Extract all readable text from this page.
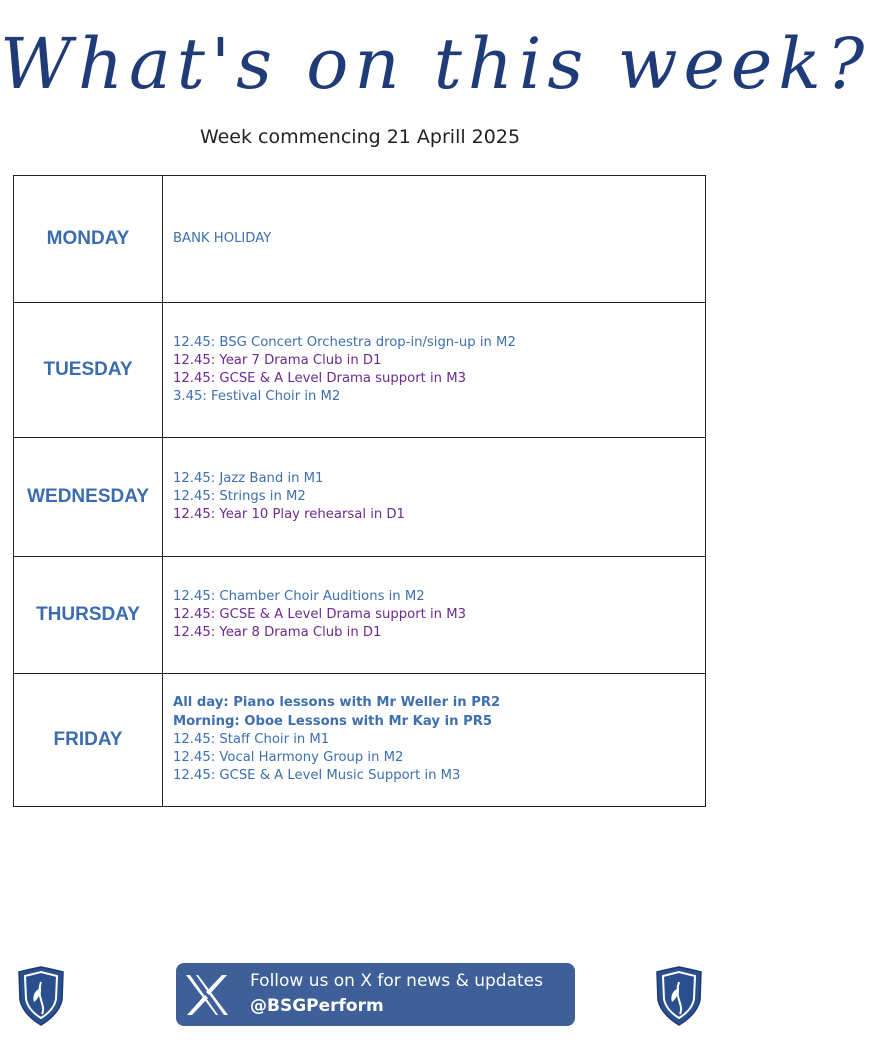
What's on this week?
Week commencing 21 Aprill 2025
MONDAY	BANK HOLIDAY

TUESDAY	12.45: BSG Concert Orchestra drop-in/sign-up in M2
12.45: Year 7 Drama Club in D1
12.45: GCSE & A Level Drama support in M3
3.45: Festival Choir in M2

WEDNESDAY	12.45: Jazz Band in M1
12.45: Strings in M2
12.45: Year 10 Play rehearsal in D1

THURSDAY	12.45: Chamber Choir Auditions in M2
12.45: GCSE & A Level Drama support in M3
12.45: Year 8 Drama Club in D1

FRIDAY	All day: Piano lessons with Mr Weller in PR2
Morning: Oboe Lessons with Mr Kay in PR5
12.45: Staff Choir in M1
12.45: Vocal Harmony Group in M2
12.45: GCSE & A Level Music Support in M3
Follow us on X for news & updates
@BSGPerform
